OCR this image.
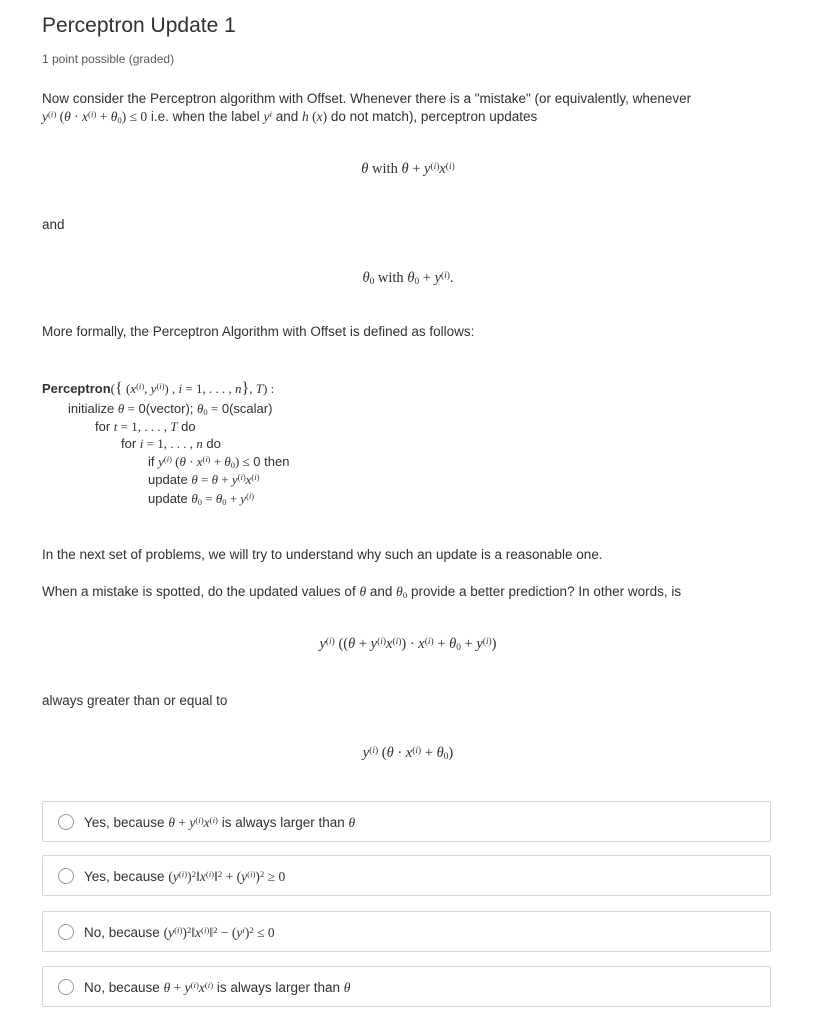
Perceptron Update 1
1 point possible (graded)
Now consider the Perceptron algorithm with Offset. Whenever there is a "mistake" (or equivalently, whenever
$y^{(i)}$ $(\theta \cdot x^{(i)} + \theta_0) \le 0$ i.e. when the label $y^i$ and h (x) do not match), perceptron updates
θ with $\theta + y^{(i)}x^{(i)}$
and
$\theta_0$ with $\theta_0 + y^{(i)}$.
More formally, the Perceptron Algorithm with Offset is defined as follows:
Perceptron({ ($x^{(i)}$, $y^{(i)}$) , i = 1, . . . , n}, T) :
initialize θ = 0(vector); $\theta_0$ = 0(scalar)
for t = 1, . . . , T do
for i = 1, . . . , n do
if $y^{(i)}$ $(\theta \cdot x^{(i)} + \theta_0) \le 0$ then
update $\theta = \theta + y^{(i)}x^{(i)}$
update $\theta_0 = \theta_0 + y^{(i)}$
In the next set of problems, we will try to understand why such an update is a reasonable one.
When a mistake is spotted, do the updated values of θ and $\theta_0$ provide a better prediction? In other words, is
$y^{(i)}$ $((\theta + y^{(i)}x^{(i)}) \cdot x^{(i)} + \theta_0 + y^{(i)})$
always greater than or equal to
$y^{(i)}$ $(\theta \cdot x^{(i)} + \theta_0)$
Yes, because $\theta + y^{(i)}x^{(i)}$ is always larger than θ
Yes, because $(y^{(i)})^2‖x^{(i)}‖^2 + (y^{(i)})^2 \ge 0$
No, because $(y^{(i)})^2‖x^{(i)}‖^2 - (y^i)^2 \le 0$
No, because $\theta + y^{(i)}x^{(i)}$ is always larger than θ
